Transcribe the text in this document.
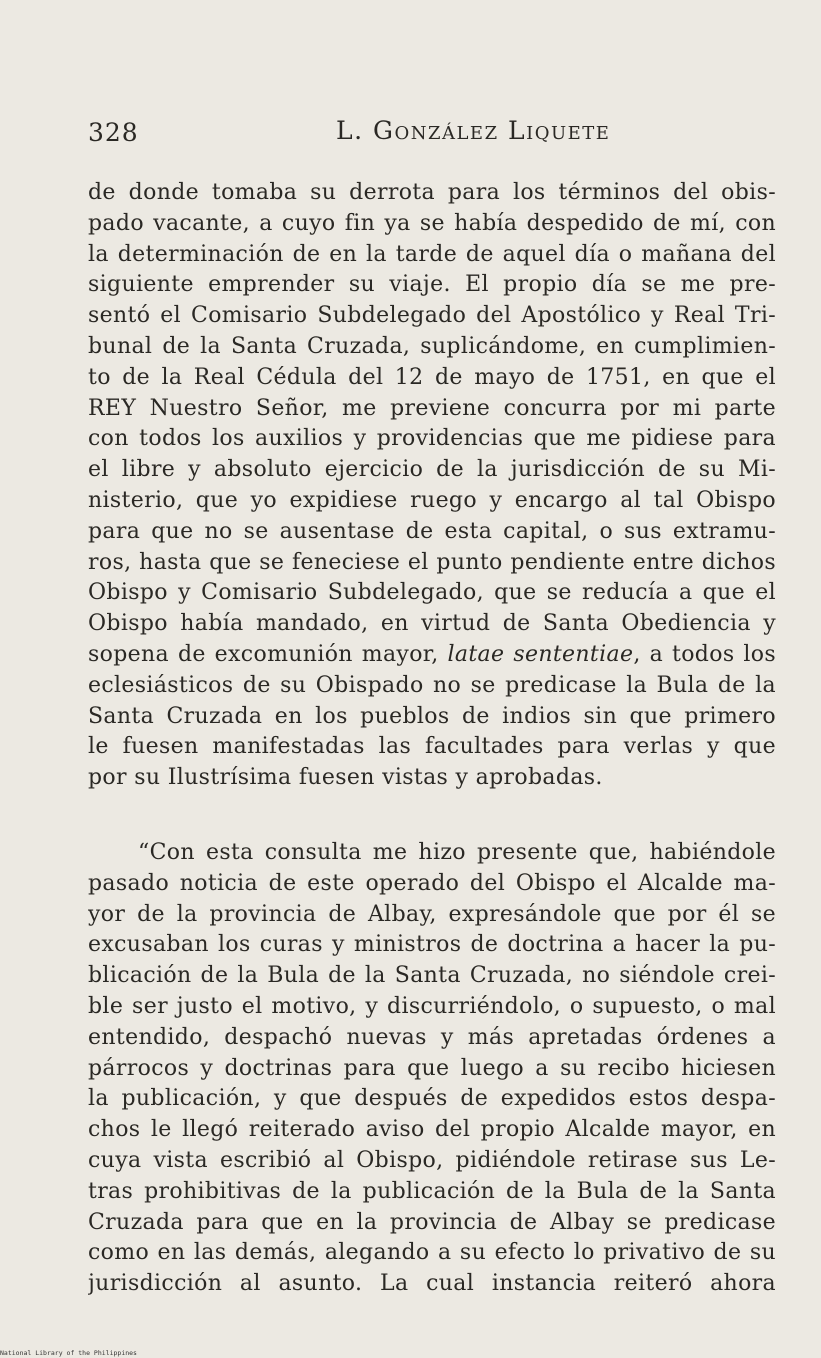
328	L. González Liquete
de donde tomaba su derrota para los términos del obis-
pado vacante, a cuyo fin ya se había despedido de mí, con
la determinación de en la tarde de aquel día o mañana del
siguiente emprender su viaje. El propio día se me pre-
sentó el Comisario Subdelegado del Apostólico y Real Tri-
bunal de la Santa Cruzada, suplicándome, en cumplimien-
to de la Real Cédula del 12 de mayo de 1751, en que el
REY Nuestro Señor, me previene concurra por mi parte
con todos los auxilios y providencias que me pidiese para
el libre y absoluto ejercicio de la jurisdicción de su Mi-
nisterio, que yo expidiese ruego y encargo al tal Obispo
para que no se ausentase de esta capital, o sus extramu-
ros, hasta que se feneciese el punto pendiente entre dichos
Obispo y Comisario Subdelegado, que se reducía a que el
Obispo había mandado, en virtud de Santa Obediencia y
sopena de excomunión mayor, latae sententiae, a todos los
eclesiásticos de su Obispado no se predicase la Bula de la
Santa Cruzada en los pueblos de indios sin que primero
le fuesen manifestadas las facultades para verlas y que
por su Ilustrísima fuesen vistas y aprobadas.
“Con esta consulta me hizo presente que, habiéndole
pasado noticia de este operado del Obispo el Alcalde ma-
yor de la provincia de Albay, expresándole que por él se
excusaban los curas y ministros de doctrina a hacer la pu-
blicación de la Bula de la Santa Cruzada, no siéndole crei-
ble ser justo el motivo, y discurriéndolo, o supuesto, o mal
entendido, despachó nuevas y más apretadas órdenes a
párrocos y doctrinas para que luego a su recibo hiciesen
la publicación, y que después de expedidos estos despa-
chos le llegó reiterado aviso del propio Alcalde mayor, en
cuya vista escribió al Obispo, pidiéndole retirase sus Le-
tras prohibitivas de la publicación de la Bula de la Santa
Cruzada para que en la provincia de Albay se predicase
como en las demás, alegando a su efecto lo privativo de su
jurisdicción al asunto. La cual instancia reiteró ahora
National Library of the Philippines
